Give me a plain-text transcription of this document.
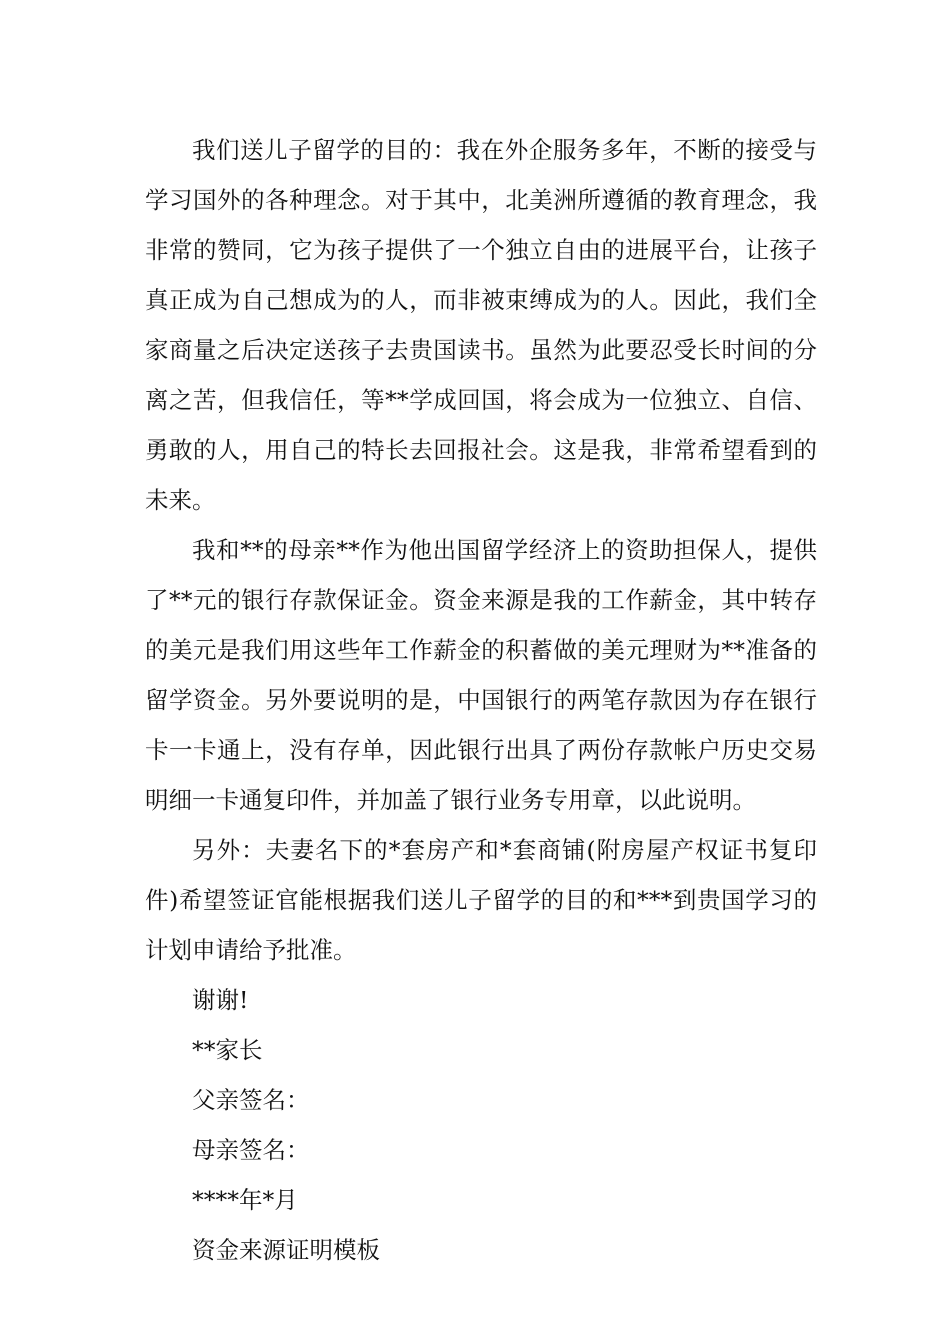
我们送儿子留学的目的：我在外企服务多年，不断的接受与学习国外的各种理念。对于其中，北美洲所遵循的教育理念，我非常的赞同，它为孩子提供了一个独立自由的进展平台，让孩子真正成为自己想成为的人，而非被束缚成为的人。因此，我们全家商量之后决定送孩子去贵国读书。虽然为此要忍受长时间的分离之苦，但我信任，等**学成回国，将会成为一位独立、自信、勇敢的人，用自己的特长去回报社会。这是我，非常希望看到的未来。

我和**的母亲**作为他出国留学经济上的资助担保人，提供了**元的银行存款保证金。资金来源是我的工作薪金，其中转存的美元是我们用这些年工作薪金的积蓄做的美元理财为**准备的留学资金。另外要说明的是，中国银行的两笔存款因为存在银行卡一卡通上，没有存单，因此银行出具了两份存款帐户历史交易明细一卡通复印件，并加盖了银行业务专用章，以此说明。

另外：夫妻名下的*套房产和*套商铺(附房屋产权证书复印件)希望签证官能根据我们送儿子留学的目的和***到贵国学习的计划申请给予批准。

谢谢!

**家长

父亲签名：

母亲签名：

****年*月

资金来源证明模板
